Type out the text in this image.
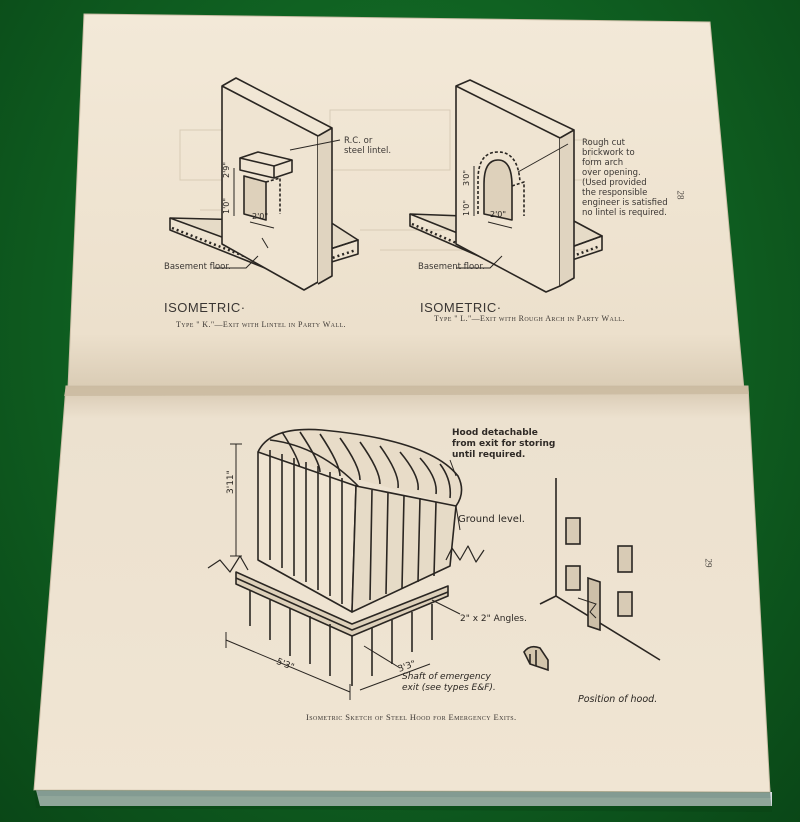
R.C. or
steel lintel.
2'9"
1'0"
2'0"
Basement floor.
ISOMETRIC·
Type " K."—Exit with Lintel in Party Wall.
Rough cut
brickwork to
form arch
over opening.
(Used provided
the responsible
engineer is satisfied
no lintel is required.
3'0"
1'0" 2'0"
Basement floor.
ISOMETRIC·
Type " L."—Exit with Rough Arch in Party Wall.
28
Hood detachable
from exit for storing
until required.
3'11"
Ground level.
2" x 2" Angles.
5'3"	3'3"
Shaft of emergency
exit (see types E&F).
Position of hood.
Isometric Sketch of Steel Hood for Emergency Exits.
29
